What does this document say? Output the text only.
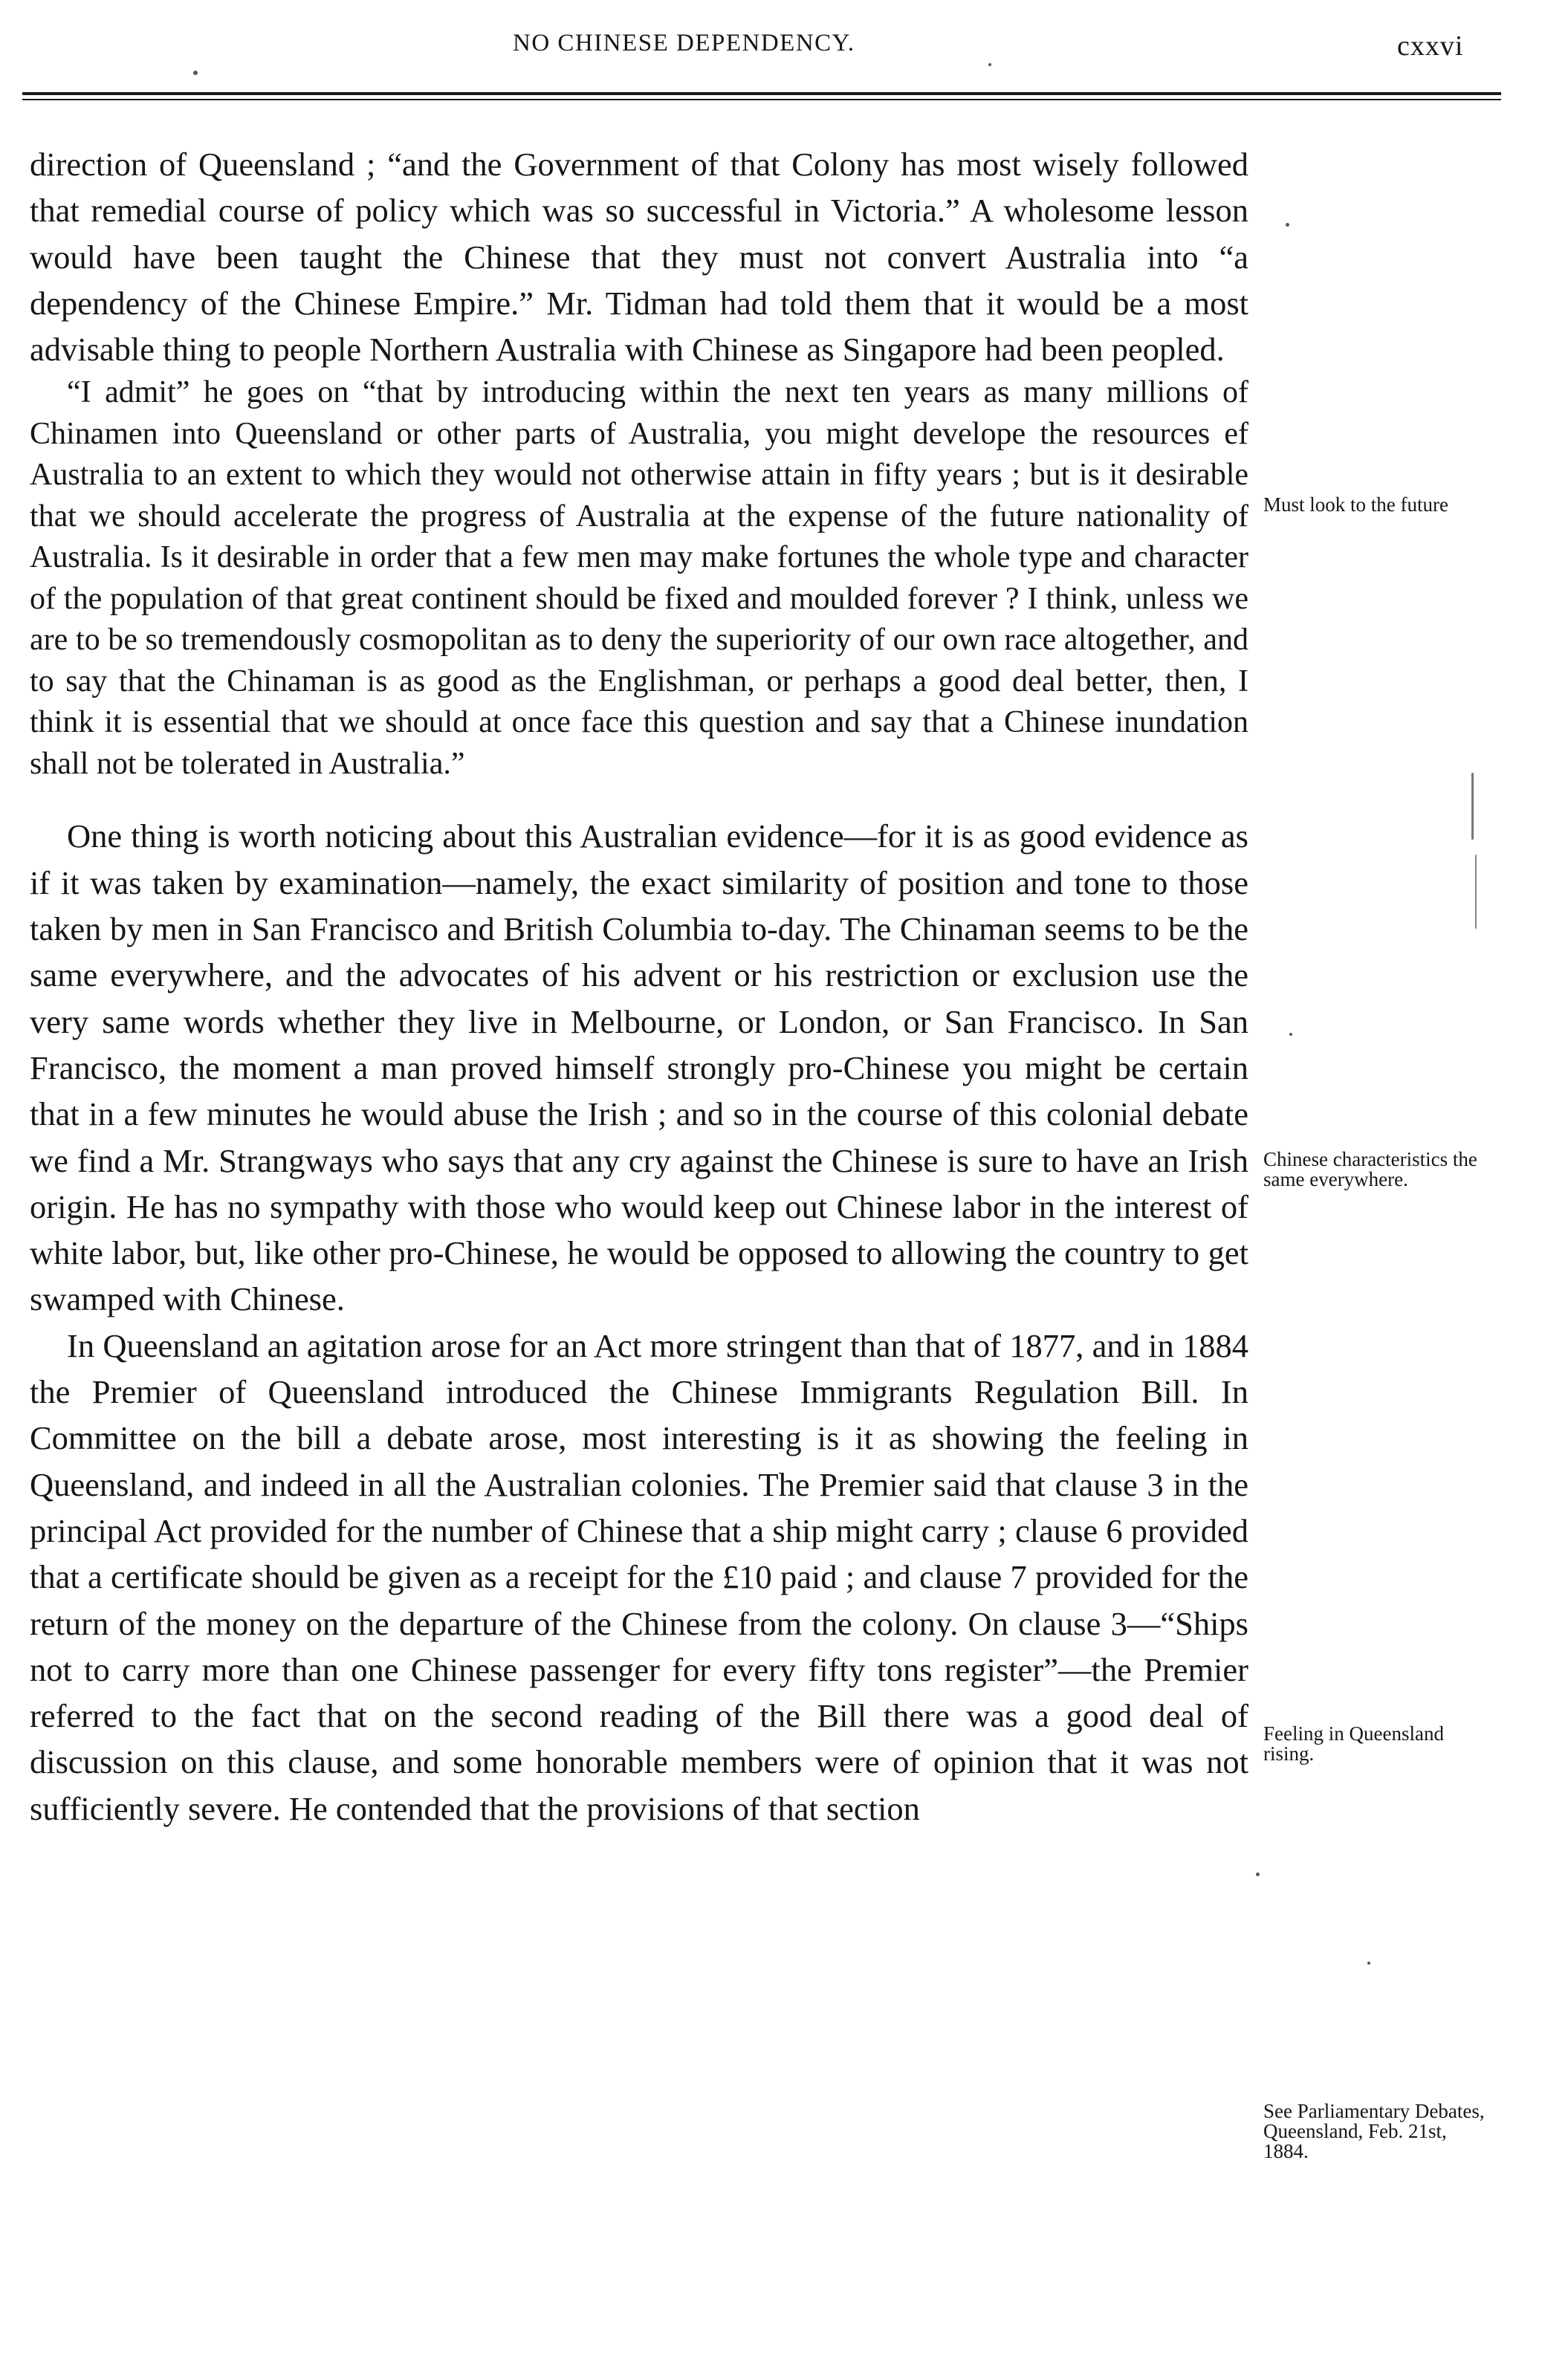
NO CHINESE DEPENDENCY.	cxxvi

direction of Queensland ; “and the Government of that Colony has most wisely followed that remedial course of policy which was so successful in Victoria.” A wholesome lesson would have been taught the Chinese that they must not convert Australia into “a dependency of the Chinese Empire.” Mr. Tidman had told them that it would be a most advisable thing to people Northern Australia with Chinese as Singapore had been peopled.

“I admit” he goes on “that by introducing within the next ten years as many millions of Chinamen into Queensland or other parts of Australia, you might develope the resources ef Australia to an extent to which they would not otherwise attain in fifty years ; but is it desirable that we should accelerate the progress of Australia at the expense of the future nationality of Australia. Is it desirable in order that a few men may make fortunes the whole type and character of the population of that great continent should be fixed and moulded forever ? I think, unless we are to be so tremendously cosmopolitan as to deny the superiority of our own race altogether, and to say that the Chinaman is as good as the Englishman, or perhaps a good deal better, then, I think it is essential that we should at once face this question and say that a Chinese inundation shall not be tolerated in Australia.”

One thing is worth noticing about this Australian evidence—for it is as good evidence as if it was taken by examination—namely, the exact similarity of position and tone to those taken by men in San Francisco and British Columbia to-day. The Chinaman seems to be the same everywhere, and the advocates of his advent or his restriction or exclusion use the very same words whether they live in Melbourne, or London, or San Francisco. In San Francisco, the moment a man proved himself strongly pro-Chinese you might be certain that in a few minutes he would abuse the Irish ; and so in the course of this colonial debate we find a Mr. Strangways who says that any cry against the Chinese is sure to have an Irish origin. He has no sympathy with those who would keep out Chinese labor in the interest of white labor, but, like other pro-Chinese, he would be opposed to allowing the country to get swamped with Chinese.

In Queensland an agitation arose for an Act more stringent than that of 1877, and in 1884 the Premier of Queensland introduced the Chinese Immigrants Regulation Bill. In Committee on the bill a debate arose, most interesting is it as showing the feeling in Queensland, and indeed in all the Australian colonies. The Premier said that clause 3 in the principal Act provided for the number of Chinese that a ship might carry ; clause 6 provided that a certificate should be given as a receipt for the £10 paid ; and clause 7 provided for the return of the money on the departure of the Chinese from the colony. On clause 3—“Ships not to carry more than one Chinese passenger for every fifty tons register”—the Premier referred to the fact that on the second reading of the Bill there was a good deal of discussion on this clause, and some honorable members were of opinion that it was not sufficiently severe. He contended that the provisions of that section

Must look to the future
Chinese characteristics the same everywhere.
Feeling in Queensland rising.
See Parliamentary Debates, Queensland, Feb. 21st, 1884.
